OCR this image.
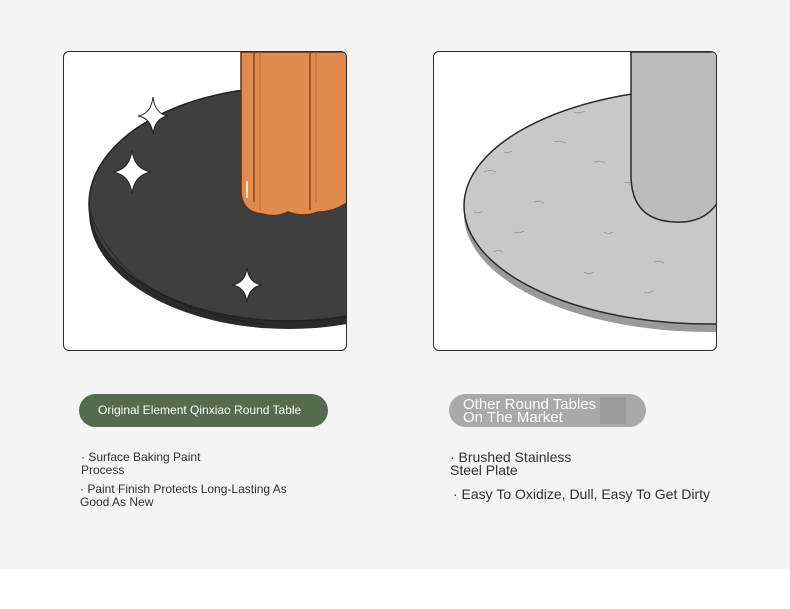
Original Element Qinxiao Round Table	Other Round Tables
On The Market
· Surface Baking Paint Process
· Paint Finish Protects Long-Lasting As Good As New
· Brushed Stainless Steel Plate
· Easy To Oxidize, Dull, Easy To Get Dirty
